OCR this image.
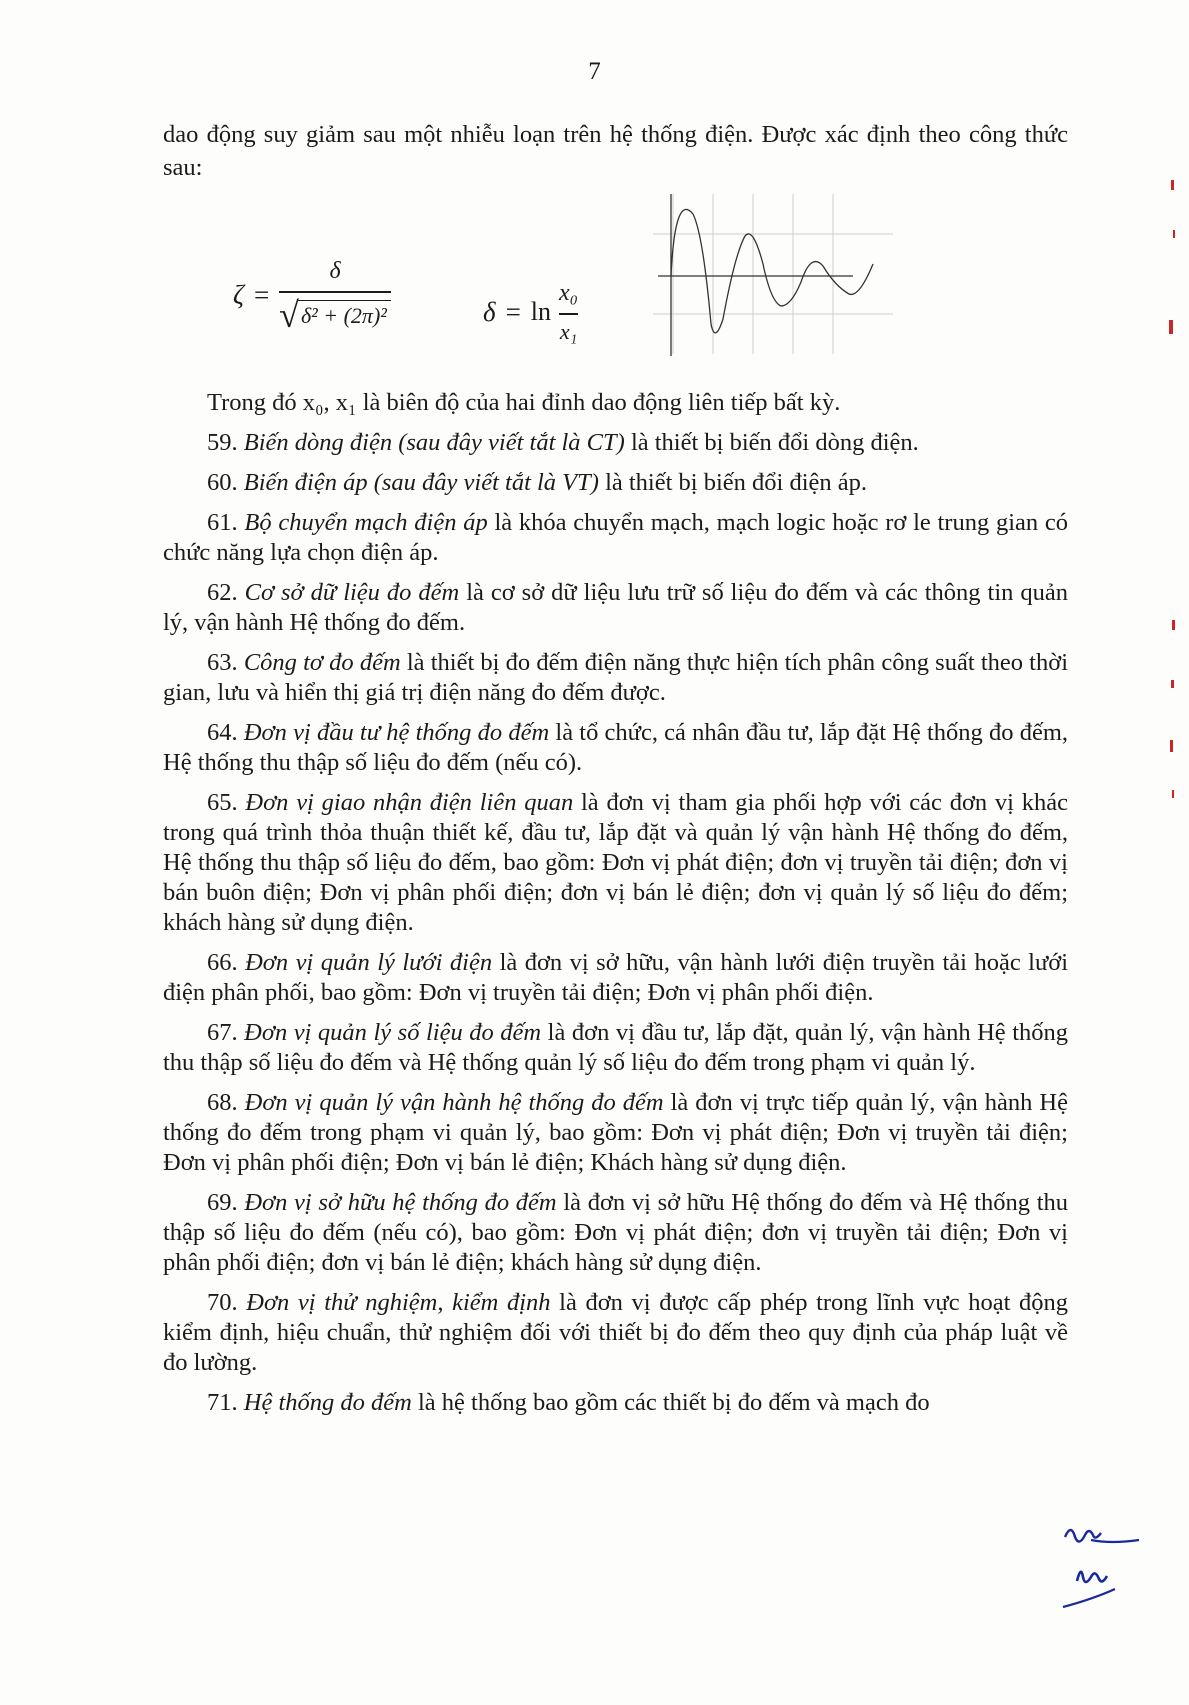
7

dao động suy giảm sau một nhiễu loạn trên hệ thống điện. Được xác định theo công thức sau:

$\zeta = \frac{\delta}{\text{√ δ² + (2π)²}}$	$\delta = \ln \frac{\text{x₀}}{\text{x₁}}$

Trong đó x₀, x₁ là biên độ của hai đỉnh dao động liên tiếp bất kỳ.

59. Biến dòng điện (sau đây viết tắt là CT) là thiết bị biến đổi dòng điện.

60. Biến điện áp (sau đây viết tắt là VT) là thiết bị biến đổi điện áp.

61. Bộ chuyển mạch điện áp là khóa chuyển mạch, mạch logic hoặc rơ le trung gian có chức năng lựa chọn điện áp.

62. Cơ sở dữ liệu đo đếm là cơ sở dữ liệu lưu trữ số liệu đo đếm và các thông tin quản lý, vận hành Hệ thống đo đếm.

63. Công tơ đo đếm là thiết bị đo đếm điện năng thực hiện tích phân công suất theo thời gian, lưu và hiển thị giá trị điện năng đo đếm được.

64. Đơn vị đầu tư hệ thống đo đếm là tổ chức, cá nhân đầu tư, lắp đặt Hệ thống đo đếm, Hệ thống thu thập số liệu đo đếm (nếu có).

65. Đơn vị giao nhận điện liên quan là đơn vị tham gia phối hợp với các đơn vị khác trong quá trình thỏa thuận thiết kế, đầu tư, lắp đặt và quản lý vận hành Hệ thống đo đếm, Hệ thống thu thập số liệu đo đếm, bao gồm: Đơn vị phát điện; đơn vị truyền tải điện; đơn vị bán buôn điện; Đơn vị phân phối điện; đơn vị bán lẻ điện; đơn vị quản lý số liệu đo đếm; khách hàng sử dụng điện.

66. Đơn vị quản lý lưới điện là đơn vị sở hữu, vận hành lưới điện truyền tải hoặc lưới điện phân phối, bao gồm: Đơn vị truyền tải điện; Đơn vị phân phối điện.

67. Đơn vị quản lý số liệu đo đếm là đơn vị đầu tư, lắp đặt, quản lý, vận hành Hệ thống thu thập số liệu đo đếm và Hệ thống quản lý số liệu đo đếm trong phạm vi quản lý.

68. Đơn vị quản lý vận hành hệ thống đo đếm là đơn vị trực tiếp quản lý, vận hành Hệ thống đo đếm trong phạm vi quản lý, bao gồm: Đơn vị phát điện; Đơn vị truyền tải điện; Đơn vị phân phối điện; Đơn vị bán lẻ điện; Khách hàng sử dụng điện.

69. Đơn vị sở hữu hệ thống đo đếm là đơn vị sở hữu Hệ thống đo đếm và Hệ thống thu thập số liệu đo đếm (nếu có), bao gồm: Đơn vị phát điện; đơn vị truyền tải điện; Đơn vị phân phối điện; đơn vị bán lẻ điện; khách hàng sử dụng điện.

70. Đơn vị thử nghiệm, kiểm định là đơn vị được cấp phép trong lĩnh vực hoạt động kiểm định, hiệu chuẩn, thử nghiệm đối với thiết bị đo đếm theo quy định của pháp luật về đo lường.

71. Hệ thống đo đếm là hệ thống bao gồm các thiết bị đo đếm và mạch đo
